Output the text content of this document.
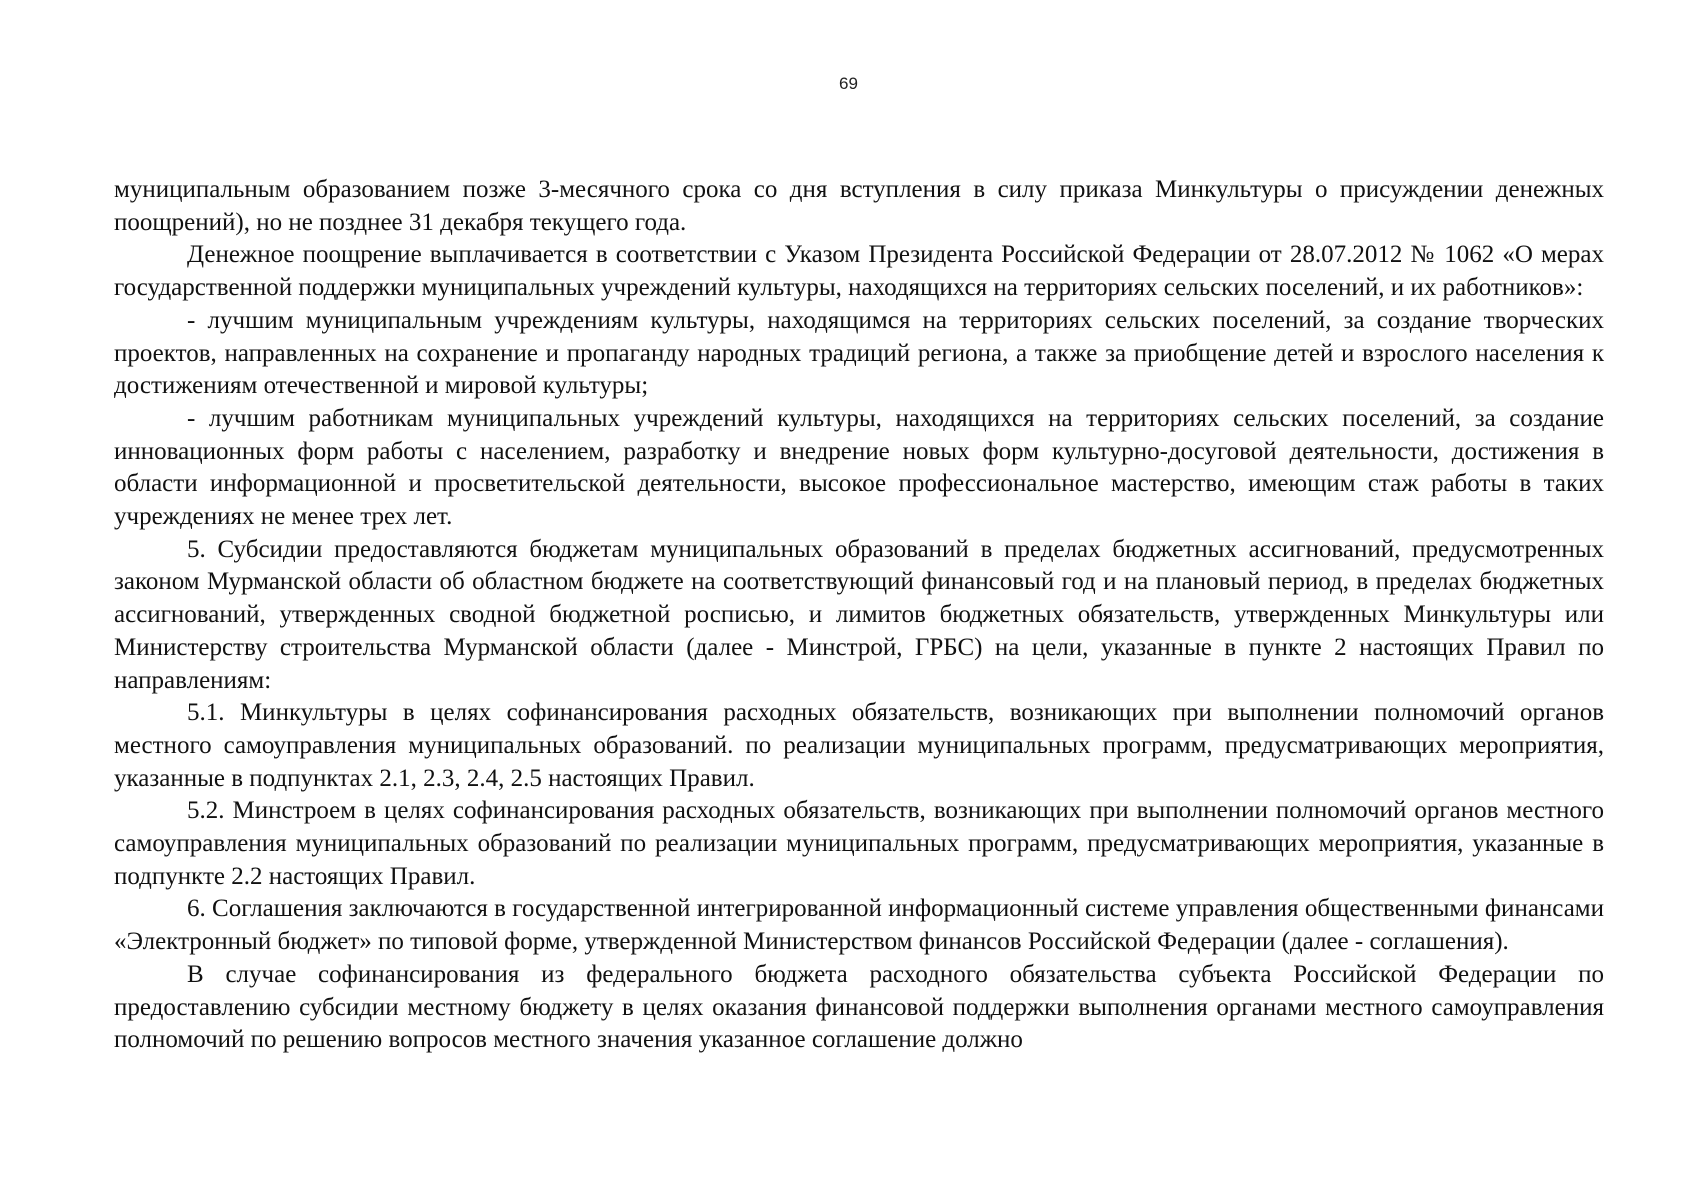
69

муниципальным образованием позже 3-месячного срока со дня вступления в силу приказа Минкультуры о присуждении денежных поощрений), но не позднее 31 декабря текущего года.

Денежное поощрение выплачивается в соответствии с Указом Президента Российской Федерации от 28.07.2012 № 1062 «О мерах государственной поддержки муниципальных учреждений культуры, находящихся на территориях сельских поселений, и их работников»:

- лучшим муниципальным учреждениям культуры, находящимся на территориях сельских поселений, за создание творческих проектов, направленных на сохранение и пропаганду народных традиций региона, а также за приобщение детей и взрослого населения к достижениям отечественной и мировой культуры;

- лучшим работникам муниципальных учреждений культуры, находящихся на территориях сельских поселений, за создание инновационных форм работы с населением, разработку и внедрение новых форм культурно-досуговой деятельности, достижения в области информационной и просветительской деятельности, высокое профессиональное мастерство, имеющим стаж работы в таких учреждениях не менее трех лет.

5. Субсидии предоставляются бюджетам муниципальных образований в пределах бюджетных ассигнований, предусмотренных законом Мурманской области об областном бюджете на соответствующий финансовый год и на плановый период, в пределах бюджетных ассигнований, утвержденных сводной бюджетной росписью, и лимитов бюджетных обязательств, утвержденных Минкультуры или Министерству строительства Мурманской области (далее - Минстрой, ГРБС) на цели, указанные в пункте 2 настоящих Правил по направлениям:

5.1. Минкультуры в целях софинансирования расходных обязательств, возникающих при выполнении полномочий органов местного самоуправления муниципальных образований. по реализации муниципальных программ, предусматривающих мероприятия, указанные в подпунктах 2.1, 2.3, 2.4, 2.5 настоящих Правил.

5.2. Минстроем в целях софинансирования расходных обязательств, возникающих при выполнении полномочий органов местного самоуправления муниципальных образований по реализации муниципальных программ, предусматривающих мероприятия, указанные в подпункте 2.2 настоящих Правил.

6. Соглашения заключаются в государственной интегрированной информационный системе управления общественными финансами «Электронный бюджет» по типовой форме, утвержденной Министерством финансов Российской Федерации (далее - соглашения).

В случае софинансирования из федерального бюджета расходного обязательства субъекта Российской Федерации по предоставлению субсидии местному бюджету в целях оказания финансовой поддержки выполнения органами местного самоуправления полномочий по решению вопросов местного значения указанное соглашение должно
